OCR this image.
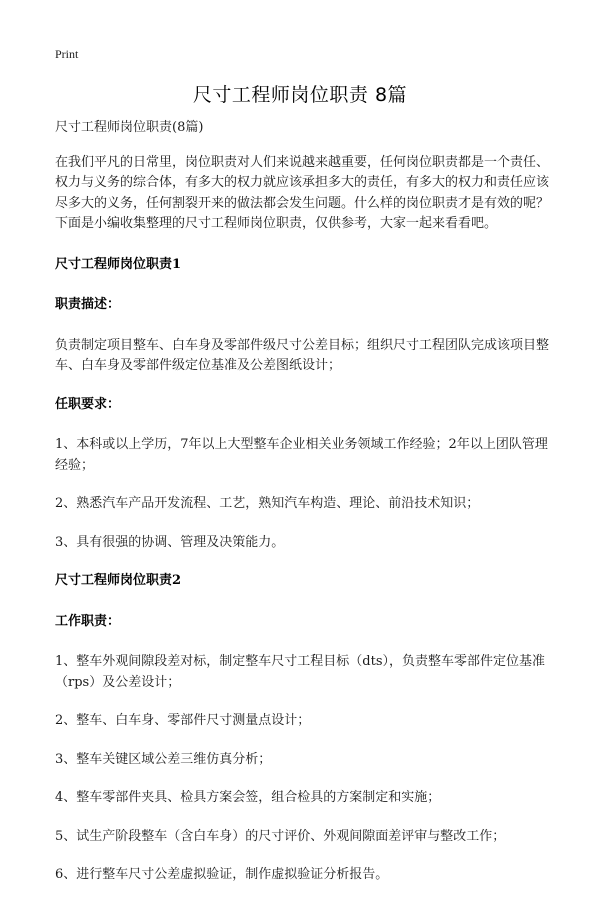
Print
尺寸工程师岗位职责 8篇

尺寸工程师岗位职责(8篇)

在我们平凡的日常里，岗位职责对人们来说越来越重要，任何岗位职责都是一个责任、权力与义务的综合体，有多大的权力就应该承担多大的责任，有多大的权力和责任应该尽多大的义务，任何割裂开来的做法都会发生问题。什么样的岗位职责才是有效的呢？下面是小编收集整理的尺寸工程师岗位职责，仅供参考，大家一起来看看吧。

尺寸工程师岗位职责1

职责描述：

负责制定项目整车、白车身及零部件级尺寸公差目标；组织尺寸工程团队完成该项目整车、白车身及零部件级定位基准及公差图纸设计；

任职要求：

1、本科或以上学历，7年以上大型整车企业相关业务领域工作经验；2年以上团队管理经验；

2、熟悉汽车产品开发流程、工艺，熟知汽车构造、理论、前沿技术知识；

3、具有很强的协调、管理及决策能力。

尺寸工程师岗位职责2

工作职责：

1、整车外观间隙段差对标，制定整车尺寸工程目标（dts），负责整车零部件定位基准（rps）及公差设计；

2、整车、白车身、零部件尺寸测量点设计；

3、整车关键区域公差三维仿真分析；

4、整车零部件夹具、检具方案会签，组合检具的方案制定和实施；

5、试生产阶段整车（含白车身）的尺寸评价、外观间隙面差评审与整改工作；

6、进行整车尺寸公差虚拟验证，制作虚拟验证分析报告。
